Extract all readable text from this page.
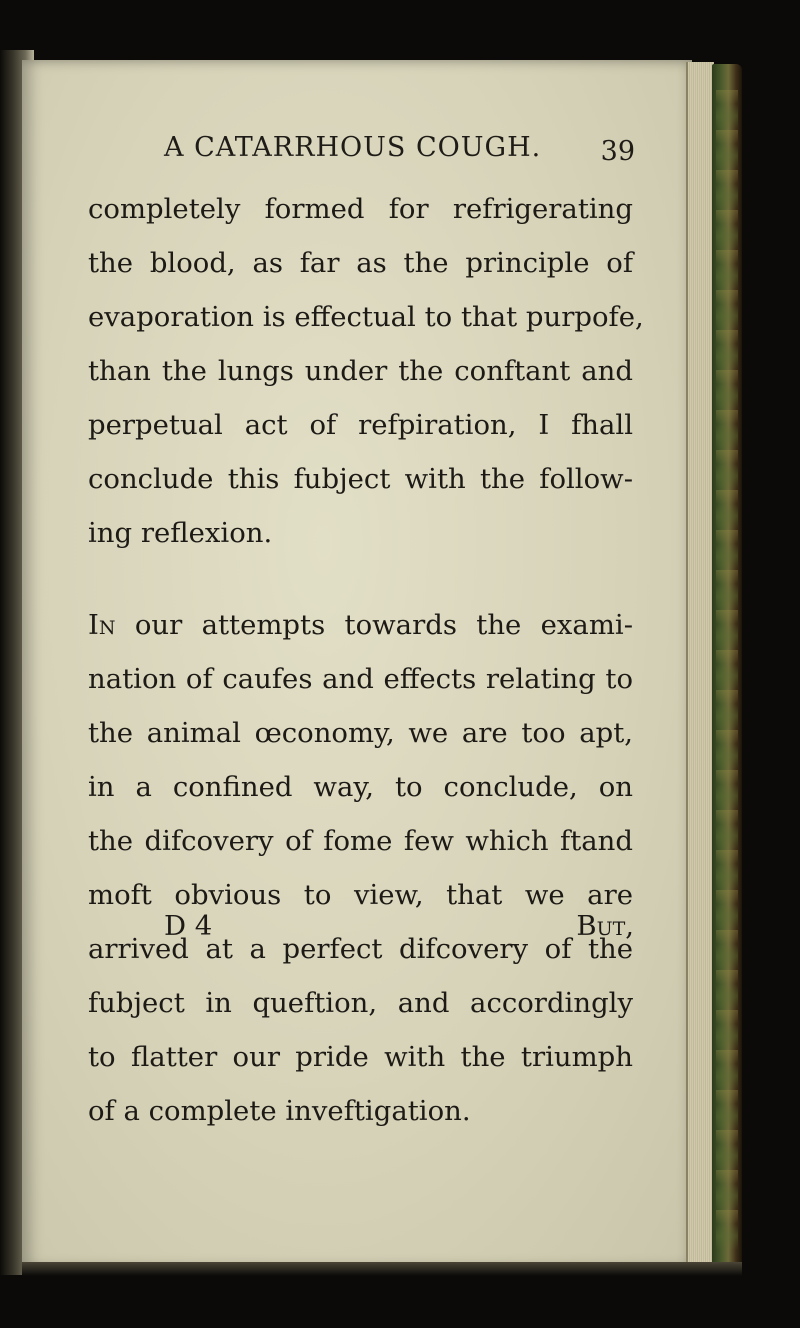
A CATARRHOUS COUGH. 39
completely formed for refrigerating
the blood, as far as the principle of
evaporation is effectual to that purpofe,
than the lungs under the conftant and
perpetual act of refpiration, I fhall
conclude this fubject with the follow-
ing reflexion.
In our attempts towards the exami-
nation of caufes and effects relating to
the animal œconomy, we are too apt,
in a confined way, to conclude, on
the difcovery of fome few which ftand
moft obvious to view, that we are
arrived at a perfect difcovery of the
fubject in queftion, and accordingly
to flatter our pride with the triumph
of a complete inveftigation.
D 4	But,
